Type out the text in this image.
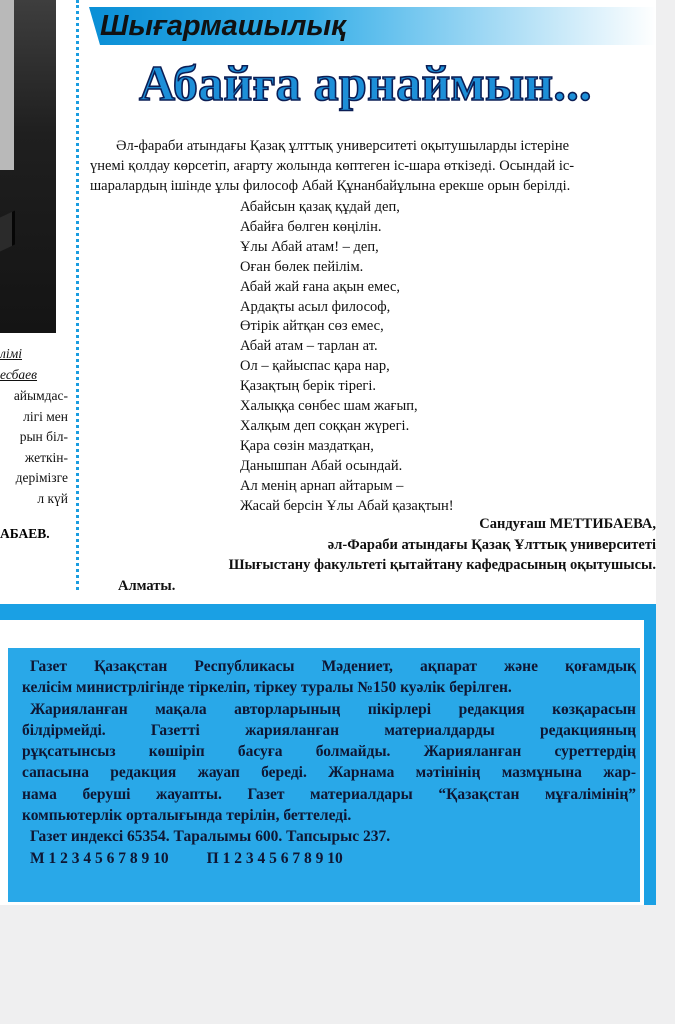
лімі
есбаев
айымдас-
лігі мен
рын біл-
жеткін-
дерімізге
л күй
АБАЕВ.
Шығармашылық
Абайға арнаймын...
Әл-фараби атындағы Қазақ ұлттық университеті оқытушыларды істеріне
үнемі қолдау көрсетіп, ағарту жолында көптеген іс-шара өткізеді. Осындай іс-
шаралардың ішінде ұлы философ Абай Құнанбайұлына ерекше орын берілді.
Абайсын қазақ құдай деп,
Абайға бөлген көңілін.
Ұлы Абай атам! – деп,
Оған бөлек пейілім.
Абай жай ғана ақын емес,
Ардақты асыл философ,
Өтірік айтқан сөз емес,
Абай атам – тарлан ат.
Ол – қайыспас қара нар,
Қазақтың берік тірегі.
Халыққа сөнбес шам жағып,
Халқым деп соққан жүрегі.
Қара сөзін маздатқан,
Данышпан Абай осындай.
Ал менің арнап айтарым –
Жасай берсін Ұлы Абай қазақтын!
Сандуғаш МЕТТИБАЕВА,
әл-Фараби атындағы Қазақ Ұлттық университеті
Шығыстану факультеті қытайтану кафедрасының оқытушысы.
Алматы.
Газет Қазақстан Республикасы Мәдениет, ақпарат және қоғамдық
келісім министрлігінде тіркеліп, тіркеу туралы №150 куәлік берілген.
Жарияланған мақала авторларының пікірлері редакция көзқарасын
білдірмейді. Газетті жарияланған материалдарды редакцияның
рұқсатынсыз көшіріп басуға болмайды. Жарияланған суреттердің
сапасына редакция жауап береді. Жарнама мәтінінің мазмұнына жар-
нама беруші жауапты. Газет материалдары “Қазақстан мұғалімінің”
компьютерлік орталығында терілін, беттеледі.
Газет индексі 65354. Таралымы 600. Тапсырыс 237.
М 1 2 3 4 5 6 7 8 9 10 П 1 2 3 4 5 6 7 8 9 10
